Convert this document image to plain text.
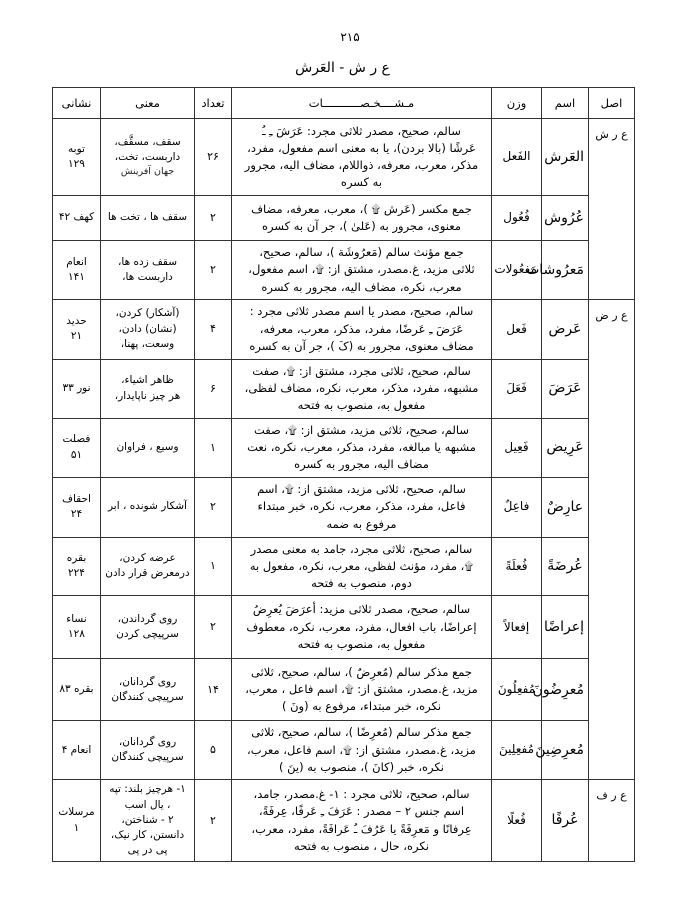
۲۱۵
ع ر ش - العَرش
اصل	اسم	وزن	مـشــــخـصـــــــــــات	تعداد	معنی	نشانی
ع ر ش	العَرش	الفَعل	سالم، صحیح، مصدر ثلاثی مجرد: عَرَشَ ـِ ـُ
عَرشًا (بالا بردن)، یا به معنی اسم مفعول، مفرد،
مذکر، معرب، معرفه، ذواللام، مضاف الیه، مجرور
به کسره	۲۶	سقف، مسقَّف،
داربست، تخت،
جهان آفرینش	توبه
۱۲۹

	عُرُوش	فُعُول	جمع مکسر (عَرش ۩ )، معرب، معرفه، مضاف
معنوی، مجرور به (عَلیٰ )، جر آن به کسره	۲	سقف ها ، تخت ها	کهف ۴۲

	مَعرُوشات	مَفعُولات	جمع مؤنث سالم (مَعرُوشَة )، سالم، صحیح،
ثلاثی مزید، غ.مصدر، مشتق از: ۩، اسم مفعول،
معرب، نکره، مضاف الیه، مجرور به کسره	۲	سقف زده ها،
داربست ها،	انعام
۱۴۱

ع ر ض	عَرض	فَعل	سالم، صحیح، مصدر یا اسم مصدر ثلاثی مجرد :
عَرَضَ ـِ عَرضًا، مفرد، مذکر، معرب، معرفه،
مضاف معنوی، مجرور به (کَ )، جر آن به کسره	۴	(آشکار) کردن،
(نشان) دادن،
وسعت، پهنا،	حدید
۲۱

	عَرَضَ	فَعَلَ	سالم، صحیح، ثلاثی مجرد، مشتق از: ۩، صفت
مشبهه، مفرد، مذکر، معرب، نکره، مضاف لفظی،
مفعول به، منصوب به فتحه	۶	ظاهر اشیاء،
هر چیز ناپایدار،	نور ۳۳

	عَرِیض	فَعِیل	سالم، صحیح، ثلاثی مزید، مشتق از: ۩، صفت
مشبهه یا مبالغه، مفرد، مذکر، معرب، نکره، نعت
مضاف الیه، مجرور به کسره	۱	وسیع ، فراوان	فصلت
۵۱

	عارِضٌ	فاعِلٌ	سالم، صحیح، ثلاثی مزید، مشتق از: ۩، اسم
فاعل، مفرد، مذکر، معرب، نکره، خبر مبتداء
مرفوع به ضمه	۲	آشکار شونده ، ابر	احقاف
۲۴

	عُرضَةً	فُعلَةً	سالم، صحیح، ثلاثی مجرد، جامد به معنی مصدر
۩، مفرد، مؤنث لفظی، معرب، نکره، مفعول به
دوم، منصوب به فتحه	۱	عرضه کردن،
درمعرض قرار دادن	بقره
۲۲۴

	إعراضًا	إفعالاً	سالم، صحیح، مصدر ثلاثی مزید: أعرَضَ یُعرِضُ
إعراضًا، باب افعال، مفرد، معرب، نکره، معطوف
مفعول به، منصوب به فتحه	۲	روی گرداندن،
سرپیچی کردن	نساء
۱۲۸

	مُعرِضُونَ	مُفعِلُونَ	جمع مذکر سالم (مُعرِضٌ )، سالم، صحیح، ثلاثی
مزید، غ.مصدر، مشتق از: ۩، اسم فاعل ، معرب،
نکره، خبر مبتداء، مرفوع به (ونَ )	۱۴	روی گردانان،
سرپیچی کنندگان	بقره ۸۳

	مُعرِضِینَ	مُفعِلِینَ	جمع مذکر سالم (مُعرِضًا )، سالم، صحیح، ثلاثی
مزید، غ.مصدر، مشتق از: ۩، اسم فاعل، معرب،
نکره، خبر (کانَ )، منصوب به (ینَ )	۵	روی گردانان،
سرپیچی کنندگان	انعام ۴

ع ر ف	عُرفًا	فُعلًا	سالم، صحیح، ثلاثی مجرد : ۱- غ.مصدر، جامد،
اسم جنس ۲ – مصدر : عَرَفَ ـِ عَرفًا، عِرفَةً،
عِرفانًا و مَعرِفَةً یا عَرُفَ ـُ عَرافَةً، مفرد، معرب،
نکره، حال ، منصوب به فتحه	۲	۱- هرچیز بلند: تپه
، یال اسب
۲ - شناختن،
دانستن، کار نیک،
پی در پی	مرسلات
۱
